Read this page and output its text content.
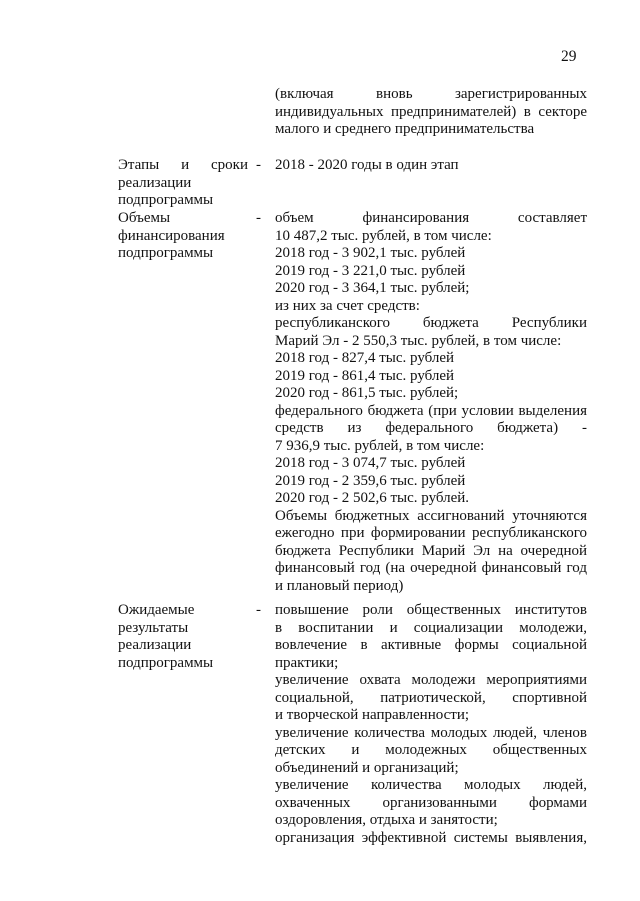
29
(включая вновь зарегистрированных
индивидуальных предпринимателей) в секторе
малого и среднего предпринимательства
Этапы и сроки
реализации
подпрограммы
- 2018 - 2020 годы в один этап
Объемы
финансирования
подпрограммы
- объем финансирования составляет
10 487,2 тыс. рублей, в том числе:
2018 год - 3 902,1 тыс. рублей
2019 год - 3 221,0 тыс. рублей
2020 год - 3 364,1 тыс. рублей;
из них за счет средств:
республиканского бюджета Республики
Марий Эл - 2 550,3 тыс. рублей, в том числе:
2018 год - 827,4 тыс. рублей
2019 год - 861,4 тыс. рублей
2020 год - 861,5 тыс. рублей;
федерального бюджета (при условии выделения
средств из федерального бюджета) -
7 936,9 тыс. рублей, в том числе:
2018 год - 3 074,7 тыс. рублей
2019 год - 2 359,6 тыс. рублей
2020 год - 2 502,6 тыс. рублей.
Объемы бюджетных ассигнований уточняются
ежегодно при формировании республиканского
бюджета Республики Марий Эл на очередной
финансовый год (на очередной финансовый год
и плановый период)
Ожидаемые
результаты
реализации
подпрограммы
- повышение роли общественных институтов
в воспитании и социализации молодежи,
вовлечение в активные формы социальной
практики;
увеличение охвата молодежи мероприятиями
социальной, патриотической, спортивной
и творческой направленности;
увеличение количества молодых людей, членов
детских и молодежных общественных
объединений и организаций;
увеличение количества молодых людей,
охваченных организованными формами
оздоровления, отдыха и занятости;
организация эффективной системы выявления,
